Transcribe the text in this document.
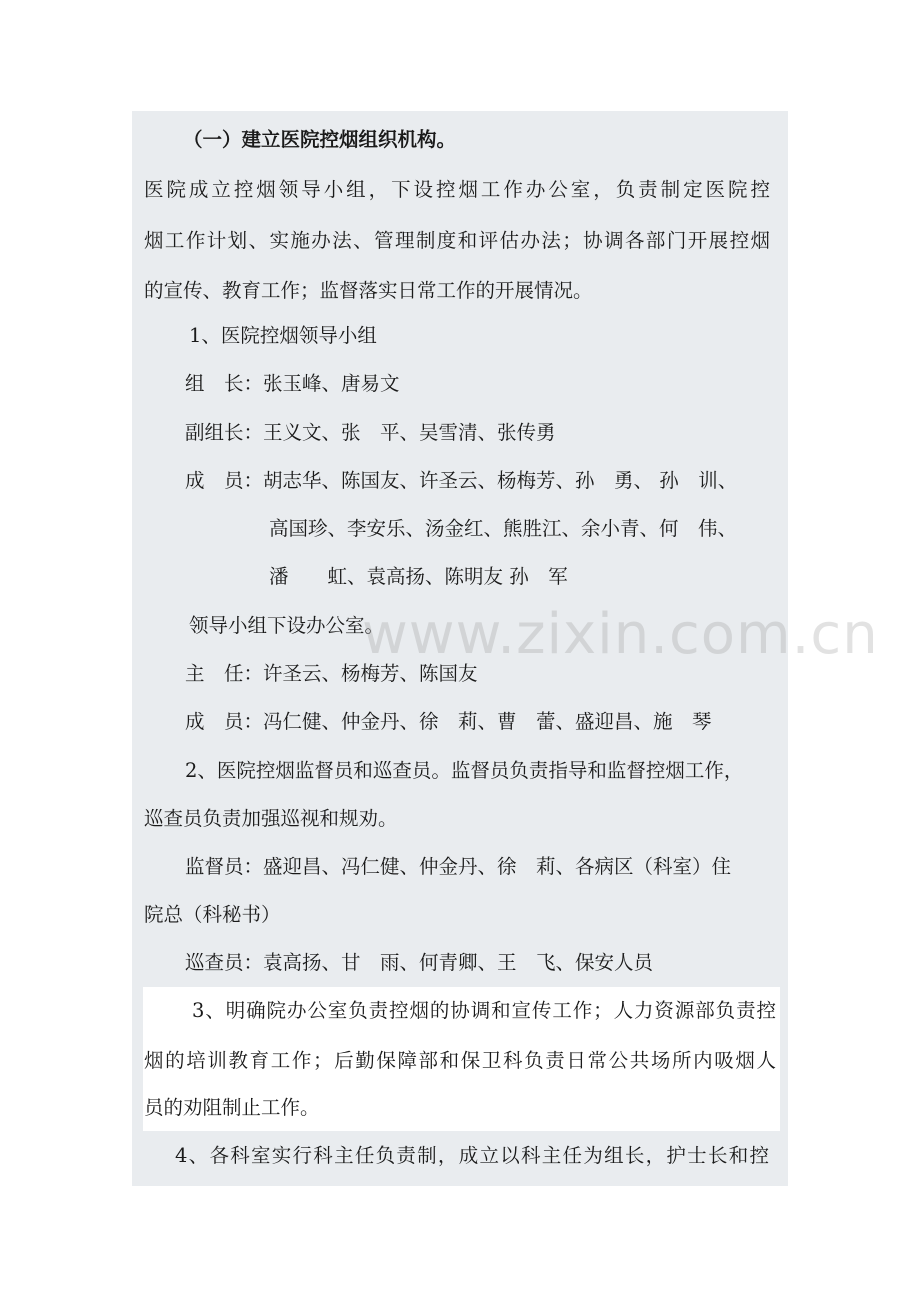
（一）建立医院控烟组织机构。
医院成立控烟领导小组，下设控烟工作办公室，负责制定医院控
烟工作计划、实施办法、管理制度和评估办法；协调各部门开展控烟
的宣传、教育工作；监督落实日常工作的开展情况。
1、医院控烟领导小组
组　长：张玉峰、唐易文
副组长：王义文、张　平、吴雪清、张传勇
成　员：胡志华、陈国友、许圣云、杨梅芳、孙　勇、 孙　训、
高国珍、李安乐、汤金红、熊胜江、余小青、何　伟、
潘　　虹、袁高扬、陈明友 孙　军
领导小组下设办公室。
主　任：许圣云、杨梅芳、陈国友
成　员：冯仁健、仲金丹、徐　莉、曹　蕾、盛迎昌、施　琴
2、医院控烟监督员和巡查员。监督员负责指导和监督控烟工作，
巡查员负责加强巡视和规劝。
监督员：盛迎昌、冯仁健、仲金丹、徐　莉、各病区（科室）住
院总（科秘书）
巡查员：袁高扬、甘　雨、何青卿、王　飞、保安人员
3、明确院办公室负责控烟的协调和宣传工作；人力资源部负责控
烟的培训教育工作；后勤保障部和保卫科负责日常公共场所内吸烟人
员的劝阻制止工作。
4、各科室实行科主任负责制，成立以科主任为组长，护士长和控
www.zixin.com.cn
